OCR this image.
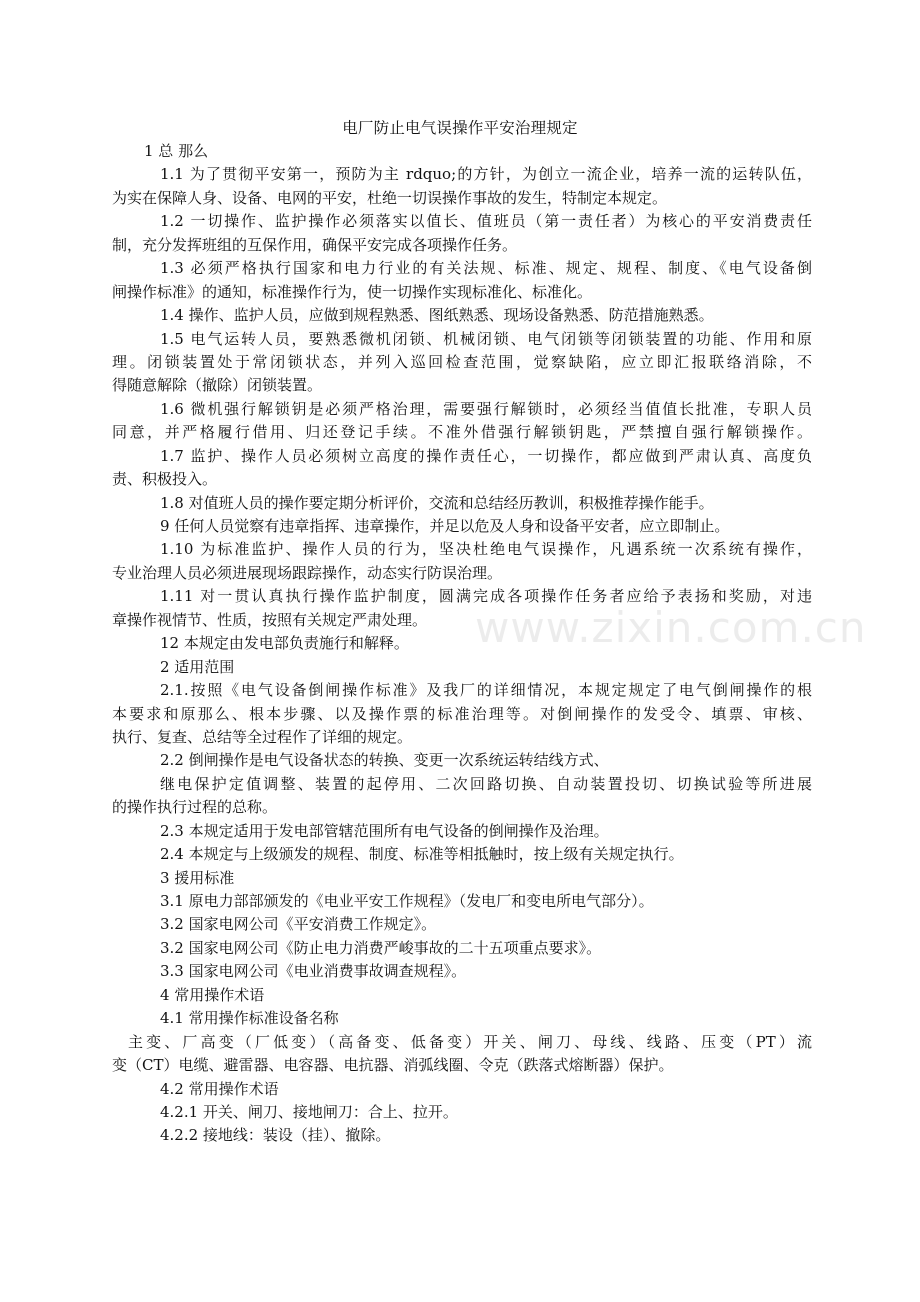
电厂防止电气误操作平安治理规定
1 总 那么
1.1 为了贯彻平安第一，预防为主 rdquo;的方针，为创立一流企业，培养一流的运转队伍，
为实在保障人身、设备、电网的平安，杜绝一切误操作事故的发生，特制定本规定。
1.2 一切操作、监护操作必须落实以值长、值班员（第一责任者）为核心的平安消费责任
制，充分发挥班组的互保作用，确保平安完成各项操作任务。
1.3 必须严格执行国家和电力行业的有关法规、标准、规定、规程、制度、《电气设备倒
闸操作标准》的通知，标准操作行为，使一切操作实现标准化、标准化。
1.4 操作、监护人员，应做到规程熟悉、图纸熟悉、现场设备熟悉、防范措施熟悉。
1.5 电气运转人员，要熟悉微机闭锁、机械闭锁、电气闭锁等闭锁装置的功能、作用和原
理。闭锁装置处于常闭锁状态，并列入巡回检查范围，觉察缺陷，应立即汇报联络消除，不
得随意解除（撤除）闭锁装置。
1.6 微机强行解锁钥是必须严格治理，需要强行解锁时，必须经当值值长批准，专职人员
同意，并严格履行借用、归还登记手续。不准外借强行解锁钥匙，严禁擅自强行解锁操作。
1.7 监护、操作人员必须树立高度的操作责任心，一切操作，都应做到严肃认真、高度负
责、积极投入。
1.8 对值班人员的操作要定期分析评价，交流和总结经历教训，积极推荐操作能手。
9 任何人员觉察有违章指挥、违章操作，并足以危及人身和设备平安者，应立即制止。
1.10 为标准监护、操作人员的行为，坚决杜绝电气误操作，凡遇系统一次系统有操作，
专业治理人员必须进展现场跟踪操作，动态实行防误治理。
1.11 对一贯认真执行操作监护制度，圆满完成各项操作任务者应给予表扬和奖励，对违
章操作视情节、性质，按照有关规定严肃处理。
12 本规定由发电部负责施行和解释。
2 适用范围
2.1.按照《电气设备倒闸操作标准》及我厂的详细情况，本规定规定了电气倒闸操作的根
本要求和原那么、根本步骤、以及操作票的标准治理等。对倒闸操作的发受令、填票、审核、
执行、复查、总结等全过程作了详细的规定。
2.2 倒闸操作是电气设备状态的转换、变更一次系统运转结线方式、
继电保护定值调整、装置的起停用、二次回路切换、自动装置投切、切换试验等所进展
的操作执行过程的总称。
2.3 本规定适用于发电部管辖范围所有电气设备的倒闸操作及治理。
2.4 本规定与上级颁发的规程、制度、标准等相抵触时，按上级有关规定执行。
3 援用标准
3.1 原电力部部颁发的《电业平安工作规程》（发电厂和变电所电气部分）。
3.2 国家电网公司《平安消费工作规定》。
3.2 国家电网公司《防止电力消费严峻事故的二十五项重点要求》。
3.3 国家电网公司《电业消费事故调查规程》。
4 常用操作术语
4.1 常用操作标准设备名称
主变、厂高变（厂低变）（高备变、低备变）开关、闸刀、母线、线路、压变（PT）流
变（CT）电缆、避雷器、电容器、电抗器、消弧线圈、令克（跌落式熔断器）保护。
4.2 常用操作术语
4.2.1 开关、闸刀、接地闸刀：合上、拉开。
4.2.2 接地线：装设（挂）、撤除。
www.zixin.com.cn
